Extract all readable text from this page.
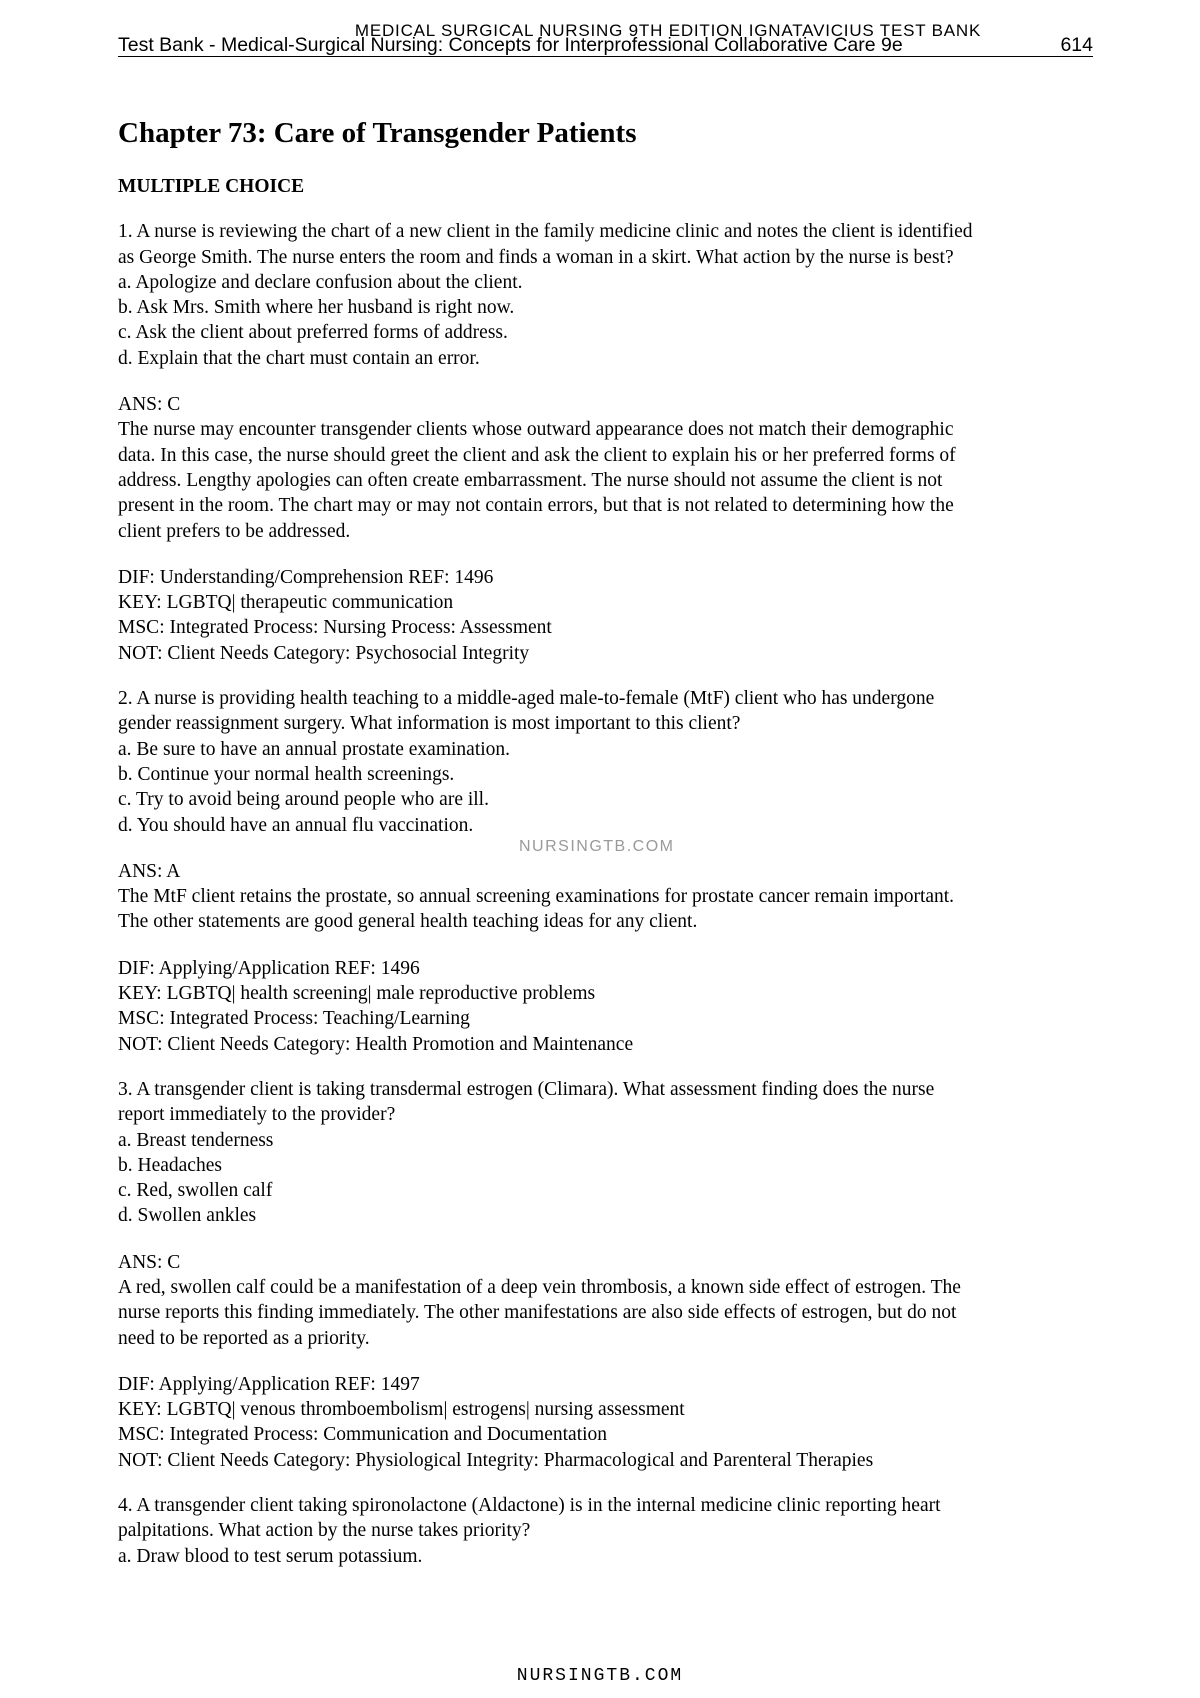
MEDICAL SURGICAL NURSING 9TH EDITION IGNATAVICIUS TEST BANK
Test Bank - Medical-Surgical Nursing: Concepts for Interprofessional Collaborative Care 9e	614
Chapter 73: Care of Transgender Patients
MULTIPLE CHOICE
1. A nurse is reviewing the chart of a new client in the family medicine clinic and notes the client is identified
as George Smith. The nurse enters the room and finds a woman in a skirt. What action by the nurse is best?
a. Apologize and declare confusion about the client.
b. Ask Mrs. Smith where her husband is right now.
c. Ask the client about preferred forms of address.
d. Explain that the chart must contain an error.
ANS: C
The nurse may encounter transgender clients whose outward appearance does not match their demographic
data. In this case, the nurse should greet the client and ask the client to explain his or her preferred forms of
address. Lengthy apologies can often create embarrassment. The nurse should not assume the client is not
present in the room. The chart may or may not contain errors, but that is not related to determining how the
client prefers to be addressed.
DIF: Understanding/Comprehension REF: 1496
KEY: LGBTQ| therapeutic communication
MSC: Integrated Process: Nursing Process: Assessment
NOT: Client Needs Category: Psychosocial Integrity
2. A nurse is providing health teaching to a middle-aged male-to-female (MtF) client who has undergone
gender reassignment surgery. What information is most important to this client?
a. Be sure to have an annual prostate examination.
b. Continue your normal health screenings.
c. Try to avoid being around people who are ill.
d. You should have an annual flu vaccination.
ANS: A
The MtF client retains the prostate, so annual screening examinations for prostate cancer remain important.
The other statements are good general health teaching ideas for any client.
DIF: Applying/Application REF: 1496
KEY: LGBTQ| health screening| male reproductive problems
MSC: Integrated Process: Teaching/Learning
NOT: Client Needs Category: Health Promotion and Maintenance
3. A transgender client is taking transdermal estrogen (Climara). What assessment finding does the nurse
report immediately to the provider?
a. Breast tenderness
b. Headaches
c. Red, swollen calf
d. Swollen ankles
ANS: C
A red, swollen calf could be a manifestation of a deep vein thrombosis, a known side effect of estrogen. The
nurse reports this finding immediately. The other manifestations are also side effects of estrogen, but do not
need to be reported as a priority.
DIF: Applying/Application REF: 1497
KEY: LGBTQ| venous thromboembolism| estrogens| nursing assessment
MSC: Integrated Process: Communication and Documentation
NOT: Client Needs Category: Physiological Integrity: Pharmacological and Parenteral Therapies
4. A transgender client taking spironolactone (Aldactone) is in the internal medicine clinic reporting heart
palpitations. What action by the nurse takes priority?
a. Draw blood to test serum potassium.
NURSINGTB.COM
NURSINGTB.COM
